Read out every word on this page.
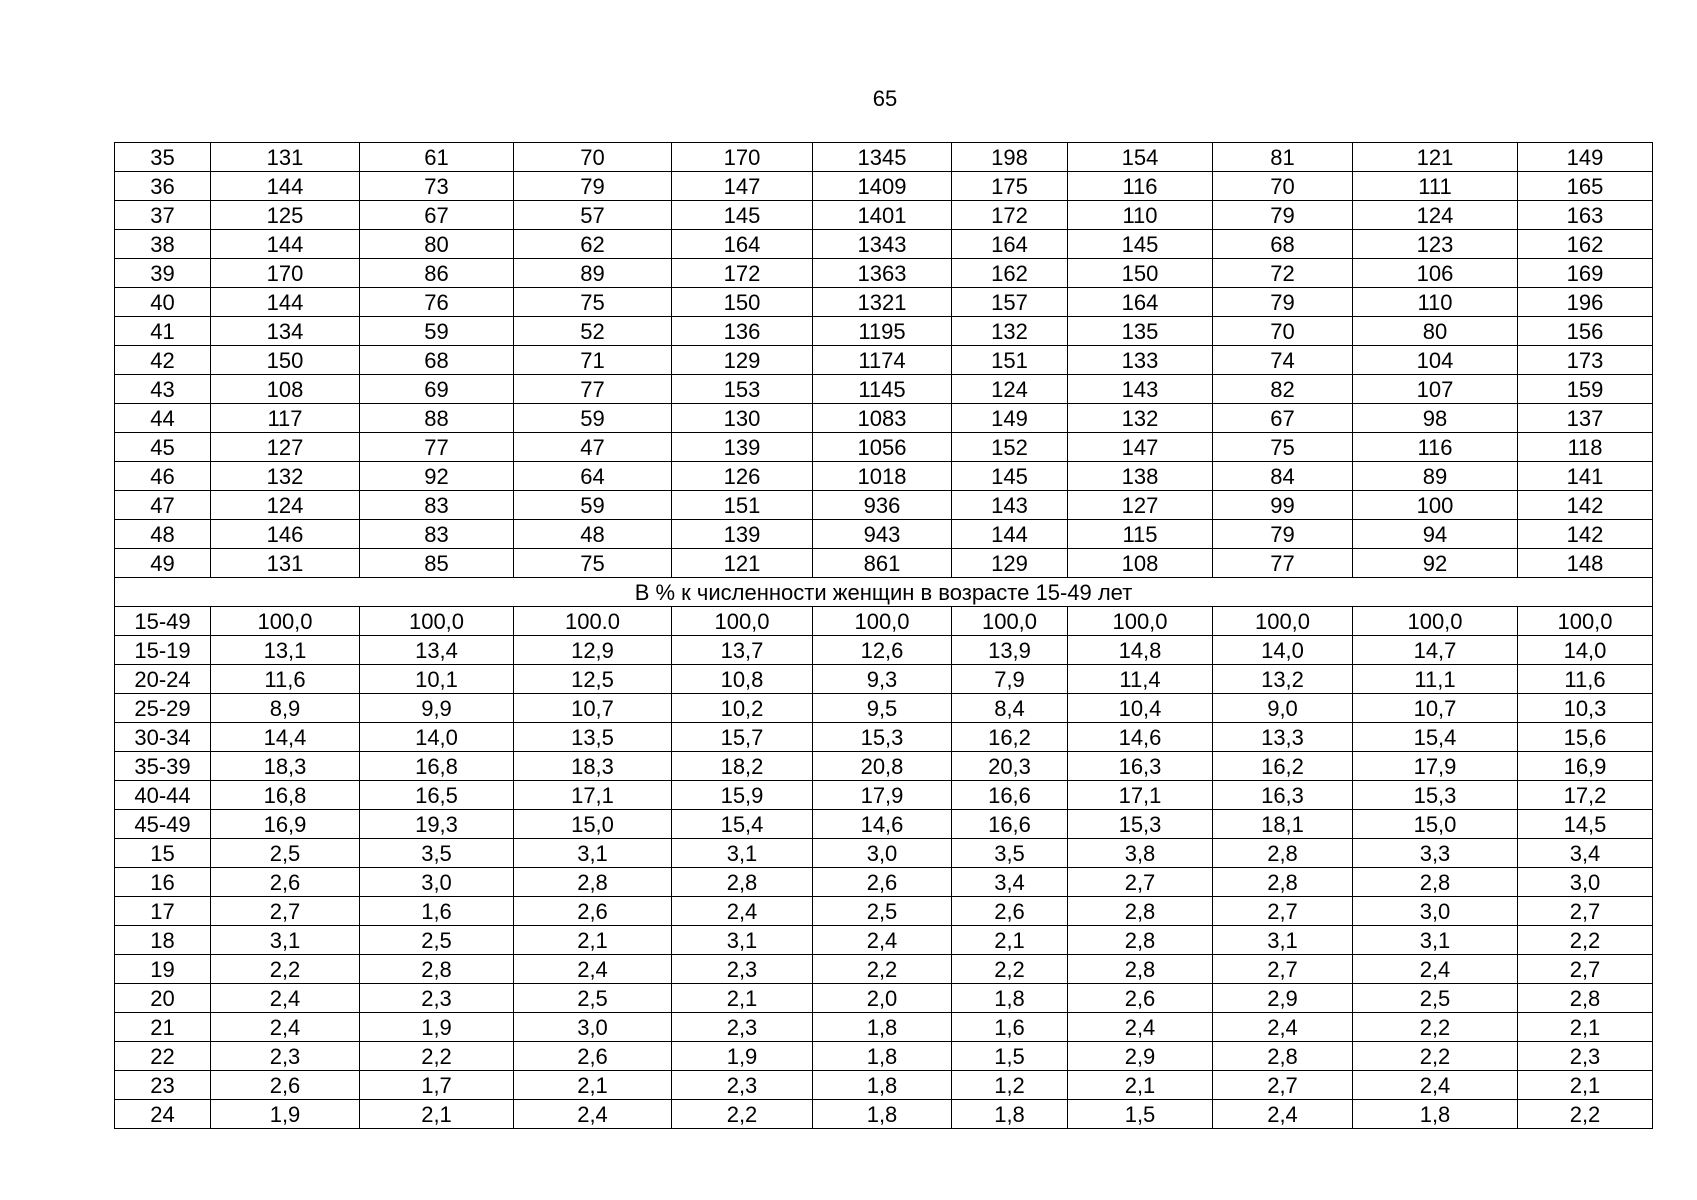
65
35	131	61	70	170	1345	198	154	81	121	149
36	144	73	79	147	1409	175	116	70	111	165
37	125	67	57	145	1401	172	110	79	124	163
38	144	80	62	164	1343	164	145	68	123	162
39	170	86	89	172	1363	162	150	72	106	169
40	144	76	75	150	1321	157	164	79	110	196
41	134	59	52	136	1195	132	135	70	80	156
42	150	68	71	129	1174	151	133	74	104	173
43	108	69	77	153	1145	124	143	82	107	159
44	117	88	59	130	1083	149	132	67	98	137
45	127	77	47	139	1056	152	147	75	116	118
46	132	92	64	126	1018	145	138	84	89	141
47	124	83	59	151	936	143	127	99	100	142
48	146	83	48	139	943	144	115	79	94	142
49	131	85	75	121	861	129	108	77	92	148
В % к численности женщин в возрасте 15-49 лет										
15-49	100,0	100,0	100.0	100,0	100,0	100,0	100,0	100,0	100,0	100,0
15-19	13,1	13,4	12,9	13,7	12,6	13,9	14,8	14,0	14,7	14,0
20-24	11,6	10,1	12,5	10,8	9,3	7,9	11,4	13,2	11,1	11,6
25-29	8,9	9,9	10,7	10,2	9,5	8,4	10,4	9,0	10,7	10,3
30-34	14,4	14,0	13,5	15,7	15,3	16,2	14,6	13,3	15,4	15,6
35-39	18,3	16,8	18,3	18,2	20,8	20,3	16,3	16,2	17,9	16,9
40-44	16,8	16,5	17,1	15,9	17,9	16,6	17,1	16,3	15,3	17,2
45-49	16,9	19,3	15,0	15,4	14,6	16,6	15,3	18,1	15,0	14,5
15	2,5	3,5	3,1	3,1	3,0	3,5	3,8	2,8	3,3	3,4
16	2,6	3,0	2,8	2,8	2,6	3,4	2,7	2,8	2,8	3,0
17	2,7	1,6	2,6	2,4	2,5	2,6	2,8	2,7	3,0	2,7
18	3,1	2,5	2,1	3,1	2,4	2,1	2,8	3,1	3,1	2,2
19	2,2	2,8	2,4	2,3	2,2	2,2	2,8	2,7	2,4	2,7
20	2,4	2,3	2,5	2,1	2,0	1,8	2,6	2,9	2,5	2,8
21	2,4	1,9	3,0	2,3	1,8	1,6	2,4	2,4	2,2	2,1
22	2,3	2,2	2,6	1,9	1,8	1,5	2,9	2,8	2,2	2,3
23	2,6	1,7	2,1	2,3	1,8	1,2	2,1	2,7	2,4	2,1
24	1,9	2,1	2,4	2,2	1,8	1,8	1,5	2,4	1,8	2,2
